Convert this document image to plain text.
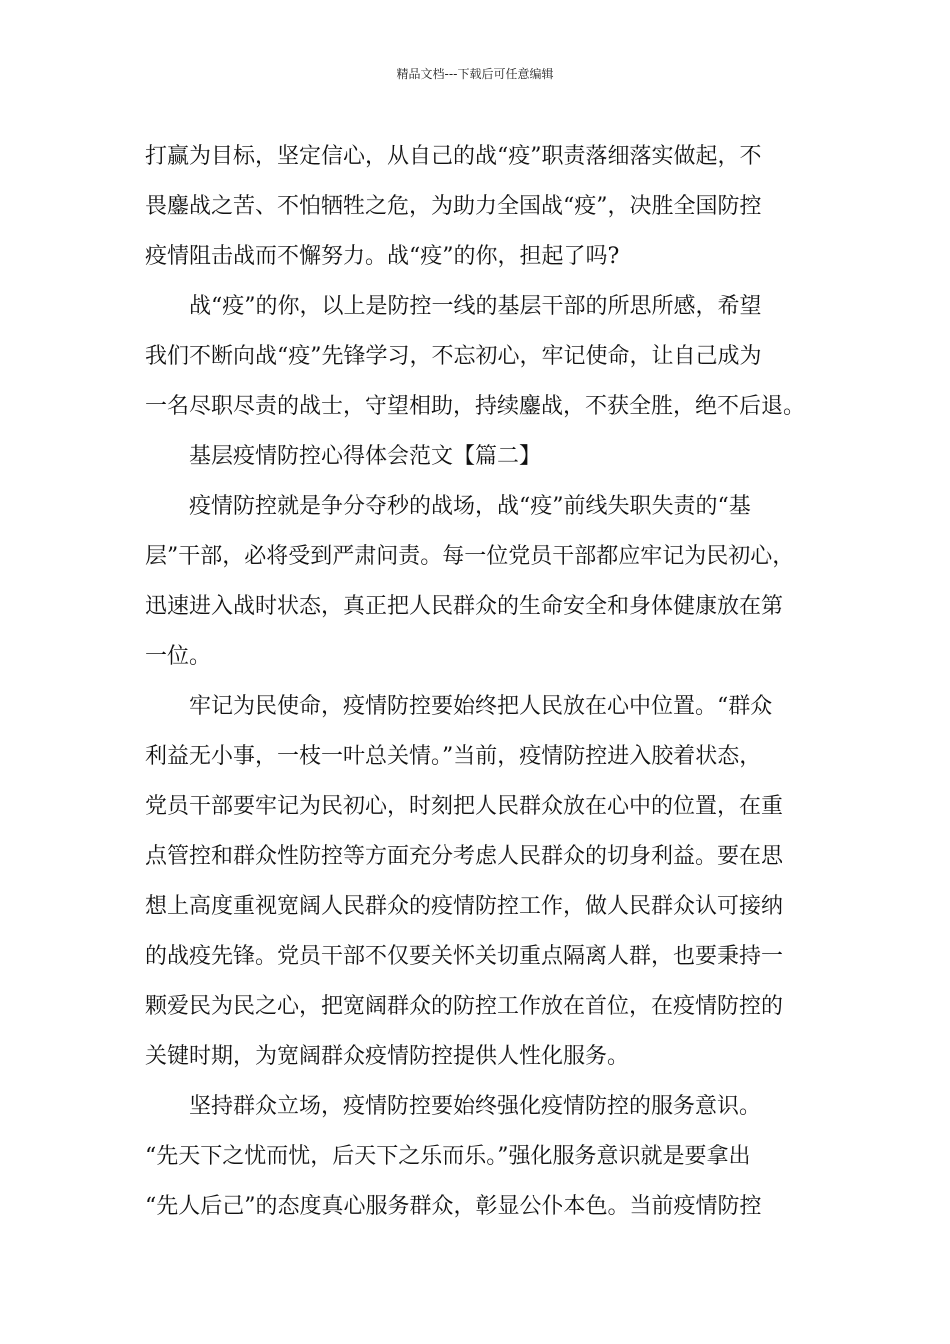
精品文档---下载后可任意编辑
打赢为目标，坚定信心，从自己的战“疫”职责落细落实做起，不
畏鏖战之苦、不怕牺牲之危，为助力全国战“疫”，决胜全国防控
疫情阻击战而不懈努力。战“疫”的你，担起了吗?
战“疫”的你，以上是防控一线的基层干部的所思所感，希望
我们不断向战“疫”先锋学习，不忘初心，牢记使命，让自己成为
一名尽职尽责的战士，守望相助，持续鏖战，不获全胜，绝不后退。
基层疫情防控心得体会范文【篇二】
疫情防控就是争分夺秒的战场，战“疫”前线失职失责的“基
层”干部，必将受到严肃问责。每一位党员干部都应牢记为民初心，
迅速进入战时状态，真正把人民群众的生命安全和身体健康放在第
一位。
牢记为民使命，疫情防控要始终把人民放在心中位置。“群众
利益无小事，一枝一叶总关情。”当前，疫情防控进入胶着状态，
党员干部要牢记为民初心，时刻把人民群众放在心中的位置，在重
点管控和群众性防控等方面充分考虑人民群众的切身利益。要在思
想上高度重视宽阔人民群众的疫情防控工作，做人民群众认可接纳
的战疫先锋。党员干部不仅要关怀关切重点隔离人群，也要秉持一
颗爱民为民之心，把宽阔群众的防控工作放在首位，在疫情防控的
关键时期，为宽阔群众疫情防控提供人性化服务。
坚持群众立场，疫情防控要始终强化疫情防控的服务意识。
“先天下之忧而忧，后天下之乐而乐。”强化服务意识就是要拿出
“先人后己”的态度真心服务群众，彰显公仆本色。当前疫情防控
